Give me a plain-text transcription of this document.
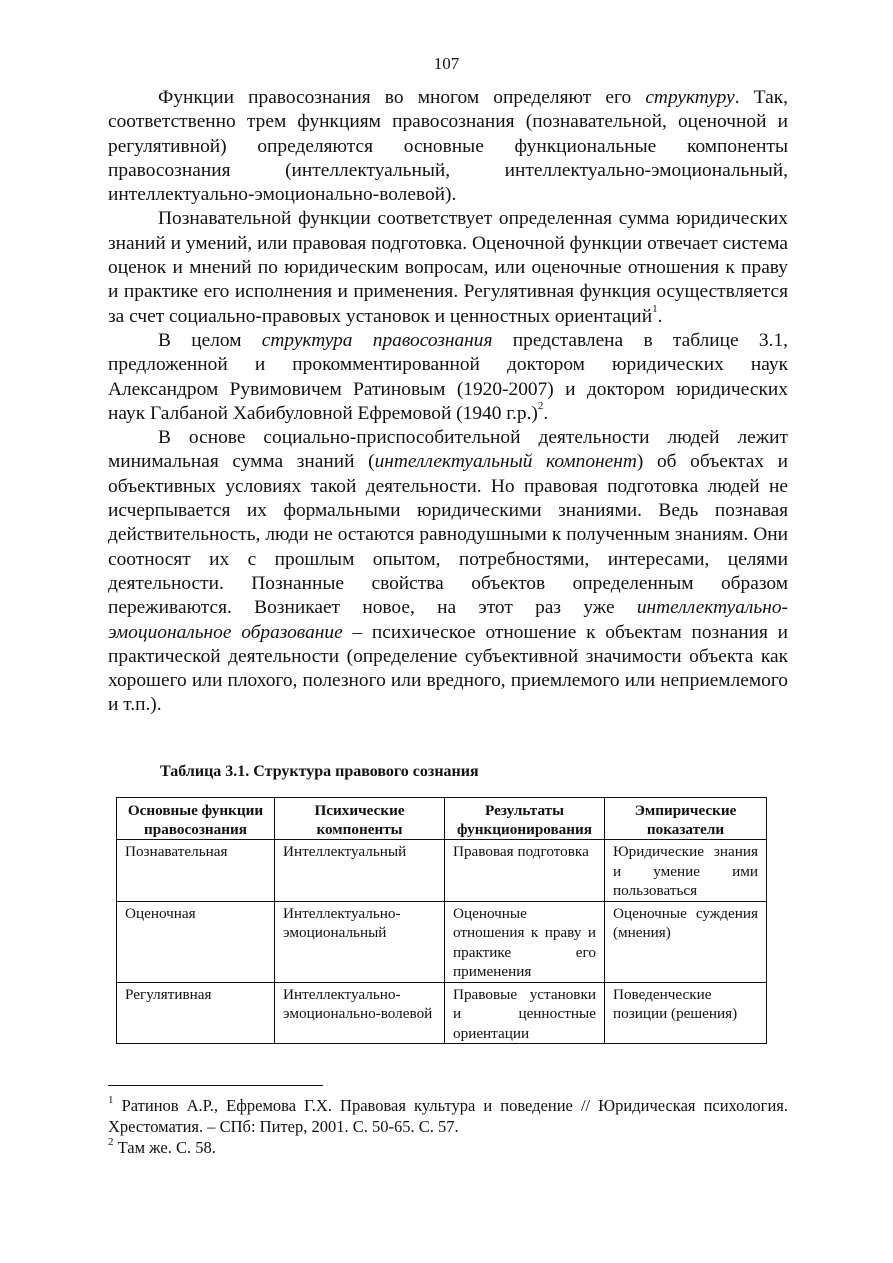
107

Функции правосознания во многом определяют его структуру. Так, соответственно трем функциям правосознания (познавательной, оценочной и регулятивной) определяются основные функциональные компоненты правосознания (интеллектуальный, интеллектуально-эмоциональный, интеллектуально-эмоционально-волевой).

Познавательной функции соответствует определенная сумма юридических знаний и умений, или правовая подготовка. Оценочной функции отвечает система оценок и мнений по юридическим вопросам, или оценочные отношения к праву и практике его исполнения и применения. Регулятивная функция осуществляется за счет социально-правовых установок и ценностных ориентаций$^1$.

В целом структура правосознания представлена в таблице 3.1, предложенной и прокомментированной доктором юридических наук Александром Рувимовичем Ратиновым (1920-2007) и доктором юридических наук Галбаной Хабибуловной Ефремовой (1940 г.р.)$^2$.

В основе социально-приспособительной деятельности людей лежит минимальная сумма знаний (интеллектуальный компонент) об объектах и объективных условиях такой деятельности. Но правовая подготовка людей не исчерпывается их формальными юридическими знаниями. Ведь познавая действительность, люди не остаются равнодушными к полученным знаниям. Они соотносят их с прошлым опытом, потребностями, интересами, целями деятельности. Познанные свойства объектов определенным образом переживаются. Возникает новое, на этот раз уже интеллектуально-эмоциональное образование – психическое отношение к объектам познания и практической деятельности (определение субъективной значимости объекта как хорошего или плохого, полезного или вредного, приемлемого или неприемлемого и т.п.).

Таблица 3.1. Структура правового сознания
Основные функции правосознания	Психические компоненты	Результаты функционирования	Эмпирические показатели
Познавательная	Интеллектуальный	Правовая подготовка	Юридические знания и умение ими пользоваться
Оценочная	Интеллектуально-эмоциональный	Оценочные отношения к праву и практике его применения	Оценочные суждения (мнения)
Регулятивная	Интеллектуально-эмоционально-волевой	Правовые установки и ценностные ориентации	Поведенческие позиции (решения)

$^1$ Ратинов А.Р., Ефремова Г.Х. Правовая культура и поведение // Юридическая психология. Хрестоматия. – СПб: Питер, 2001. С. 50-65. С. 57.

$^2$ Там же. С. 58.
